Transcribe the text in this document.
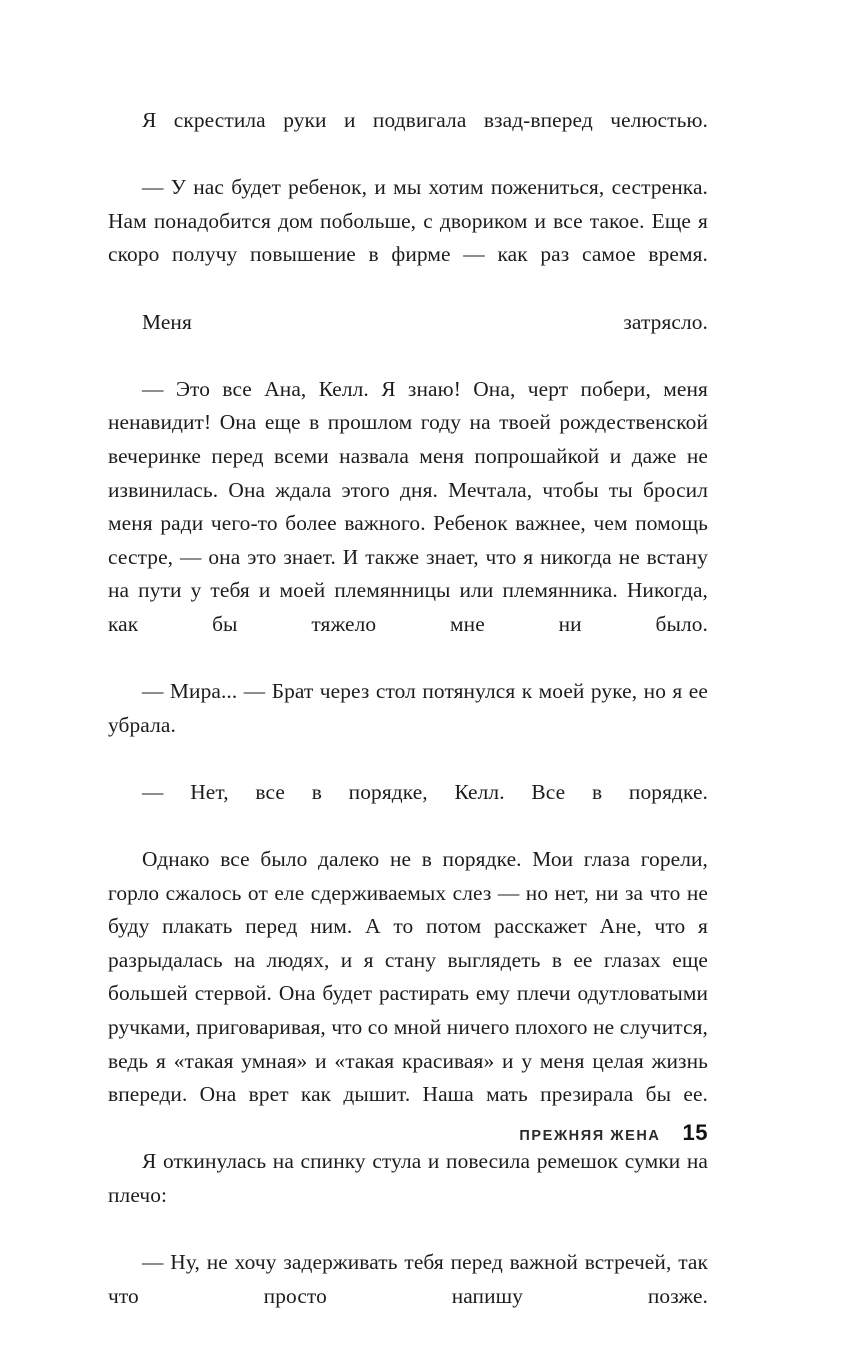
Я скрестила руки и подвигала взад-вперед челюстью.

— У нас будет ребенок, и мы хотим пожениться, сестренка. Нам понадобится дом побольше, с двориком и все такое. Еще я скоро получу повышение в фирме — как раз самое время.

Меня затрясло.

— Это все Ана, Келл. Я знаю! Она, черт побери, меня ненавидит! Она еще в прошлом году на твоей рождественской вечеринке перед всеми назвала меня попрошайкой и даже не извинилась. Она ждала этого дня. Мечтала, чтобы ты бросил меня ради чего-то более важного. Ребенок важнее, чем помощь сестре, — она это знает. И также знает, что я никогда не встану на пути у тебя и моей племянницы или племянника. Никогда, как бы тяжело мне ни было.

— Мира... — Брат через стол потянулся к моей руке, но я ее убрала.

— Нет, все в порядке, Келл. Все в порядке.

Однако все было далеко не в порядке. Мои глаза горели, горло сжалось от еле сдерживаемых слез — но нет, ни за что не буду плакать перед ним. А то потом расскажет Ане, что я разрыдалась на людях, и я стану выглядеть в ее глазах еще большей стервой. Она будет растирать ему плечи одутловатыми ручками, приговаривая, что со мной ничего плохого не случится, ведь я «такая умная» и «такая красивая» и у меня целая жизнь впереди. Она врет как дышит. Наша мать презирала бы ее.

Я откинулась на спинку стула и повесила ремешок сумки на плечо:

— Ну, не хочу задерживать тебя перед важной встречей, так что просто напишу позже.

ПРЕЖНЯЯ ЖЕНА 15
